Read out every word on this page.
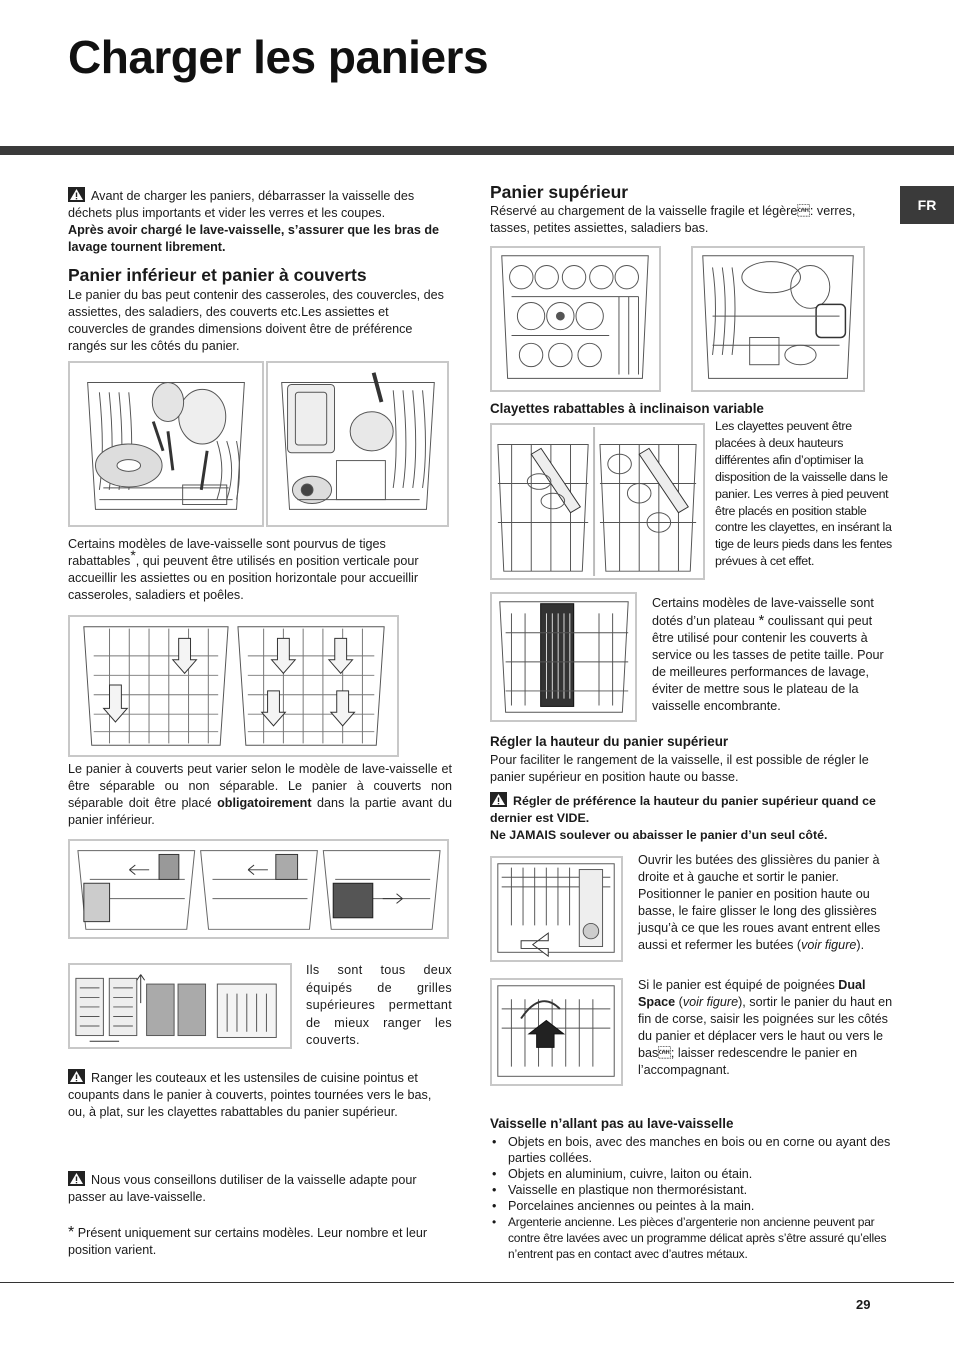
Charger les paniers
FR
Avant de charger les paniers, débarrasser la vaisselle des déchets plus importants et vider les verres et les coupes.
Après avoir chargé le lave-vaisselle, s’assurer que les bras de lavage tournent librement.
Panier inférieur et panier à couverts
Le panier du bas peut contenir des casseroles, des couvercles, des assiettes, des saladiers, des couverts etc.Les assiettes et couvercles de grandes dimensions doivent être de préférence rangés sur les côtés du panier.
Certains modèles de lave-vaisselle sont pourvus de tiges rabattables*, qui peuvent être utilisés en position verticale pour accueillir les assiettes ou en position horizontale pour accueillir casseroles, saladiers et poêles.
Le panier à couverts peut varier selon le modèle de lave-vaisselle et être séparable ou non séparable. Le panier à couverts non séparable doit être placé obligatoirement dans la partie avant du panier inférieur.
Ils sont tous deux équipés de grilles supérieures permettant de mieux ranger les couverts.
Ranger les couteaux et les ustensiles de cuisine pointus et coupants dans le panier à couverts, pointes tournées vers le bas, ou, à plat, sur les clayettes rabattables du panier supérieur.
Nous vous conseillons dutiliser de la vaisselle adapte pour passer au lave-vaisselle.
* Présent uniquement sur certains modèles. Leur nombre et leur position varient.
Panier supérieur
Réservé au chargement de la vaisselle fragile et légère: verres, tasses, petites assiettes, saladiers bas.
Clayettes rabattables à inclinaison variable
Les clayettes peuvent être placées à deux hauteurs différentes afin d’optimiser la disposition de la vaisselle dans le panier. Les verres à pied peuvent être placés en position stable contre les clayettes, en insérant la tige de leurs pieds dans les fentes prévues à cet effet.
Certains modèles de lave-vaisselle sont dotés d’un plateau * coulissant qui peut être utilisé pour contenir les couverts à service ou les tasses de petite taille. Pour de meilleures performances de lavage, éviter de mettre sous le plateau de la vaisselle encombrante.
Régler la hauteur du panier supérieur
Pour faciliter le rangement de la vaisselle, il est possible de régler le panier supérieur en position haute ou basse.
Régler de préférence la hauteur du panier supérieur quand ce dernier est VIDE.
Ne JAMAIS soulever ou abaisser le panier d’un seul côté.
Ouvrir les butées des glissières du panier à droite et à gauche et sortir le panier. Positionner le panier en position haute ou basse, le faire glisser le long des glissières jusqu’à ce que les roues avant entrent elles aussi et refermer les butées (voir figure).
Si le panier est équipé de poignées Dual Space (voir figure), sortir le panier du haut en fin de corse, saisir les poignées sur les côtés du panier et déplacer vers le haut ou vers le bas; laisser redescendre le panier en l’accompagnant.
Vaisselle n’allant pas au lave-vaisselle
• Objets en bois, avec des manches en bois ou en corne ou ayant des parties collées.
• Objets en aluminium, cuivre, laiton ou étain.
• Vaisselle en plastique non thermorésistant.
• Porcelaines anciennes ou peintes à la main.
• Argenterie ancienne. Les pièces d’argenterie non ancienne peuvent par contre être lavées avec un programme délicat après s’être assuré qu’elles n’entrent pas en contact avec d’autres métaux.
29
